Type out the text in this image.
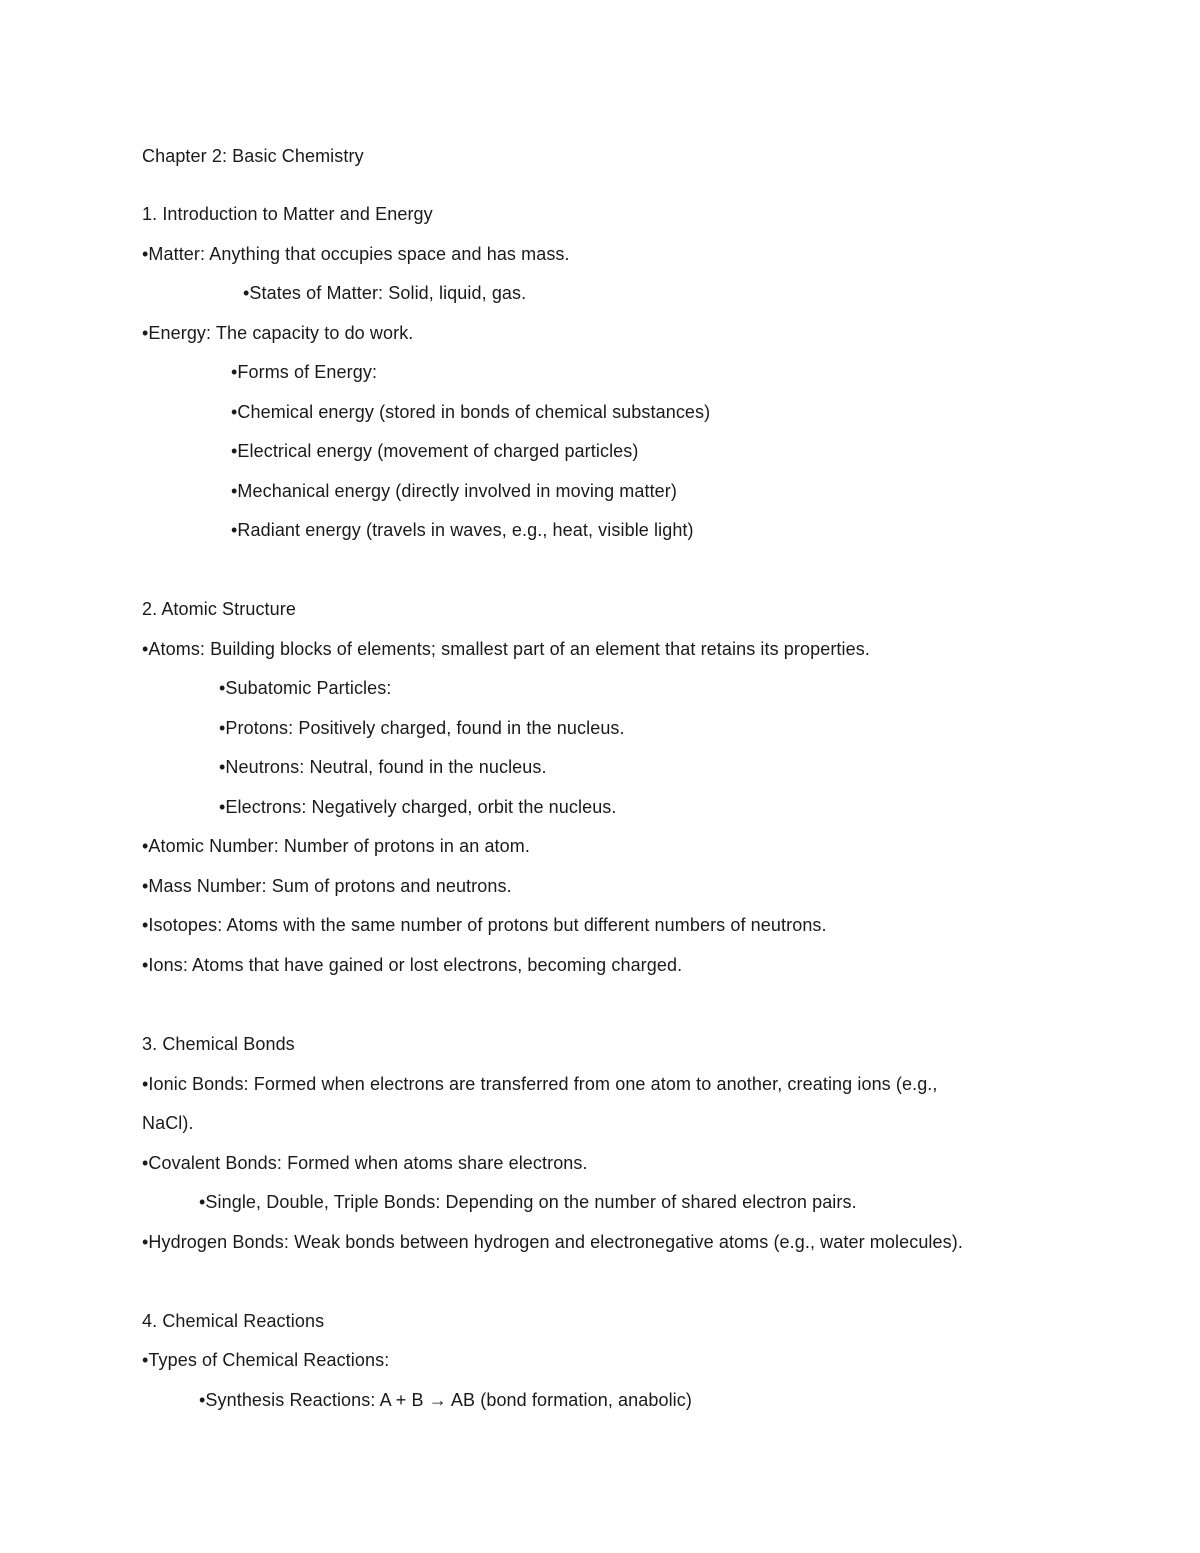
Chapter 2: Basic Chemistry
1. Introduction to Matter and Energy
•Matter: Anything that occupies space and has mass.
•States of Matter: Solid, liquid, gas.
•Energy: The capacity to do work.
•Forms of Energy:
•Chemical energy (stored in bonds of chemical substances)
•Electrical energy (movement of charged particles)
•Mechanical energy (directly involved in moving matter)
•Radiant energy (travels in waves, e.g., heat, visible light)
2. Atomic Structure
•Atoms: Building blocks of elements; smallest part of an element that retains its properties.
•Subatomic Particles:
•Protons: Positively charged, found in the nucleus.
•Neutrons: Neutral, found in the nucleus.
•Electrons: Negatively charged, orbit the nucleus.
•Atomic Number: Number of protons in an atom.
•Mass Number: Sum of protons and neutrons.
•Isotopes: Atoms with the same number of protons but different numbers of neutrons.
•Ions: Atoms that have gained or lost electrons, becoming charged.
3. Chemical Bonds
•Ionic Bonds: Formed when electrons are transferred from one atom to another, creating ions (e.g.,
NaCl).
•Covalent Bonds: Formed when atoms share electrons.
•Single, Double, Triple Bonds: Depending on the number of shared electron pairs.
•Hydrogen Bonds: Weak bonds between hydrogen and electronegative atoms (e.g., water molecules).
4. Chemical Reactions
•Types of Chemical Reactions:
•Synthesis Reactions: A + B → AB (bond formation, anabolic)
